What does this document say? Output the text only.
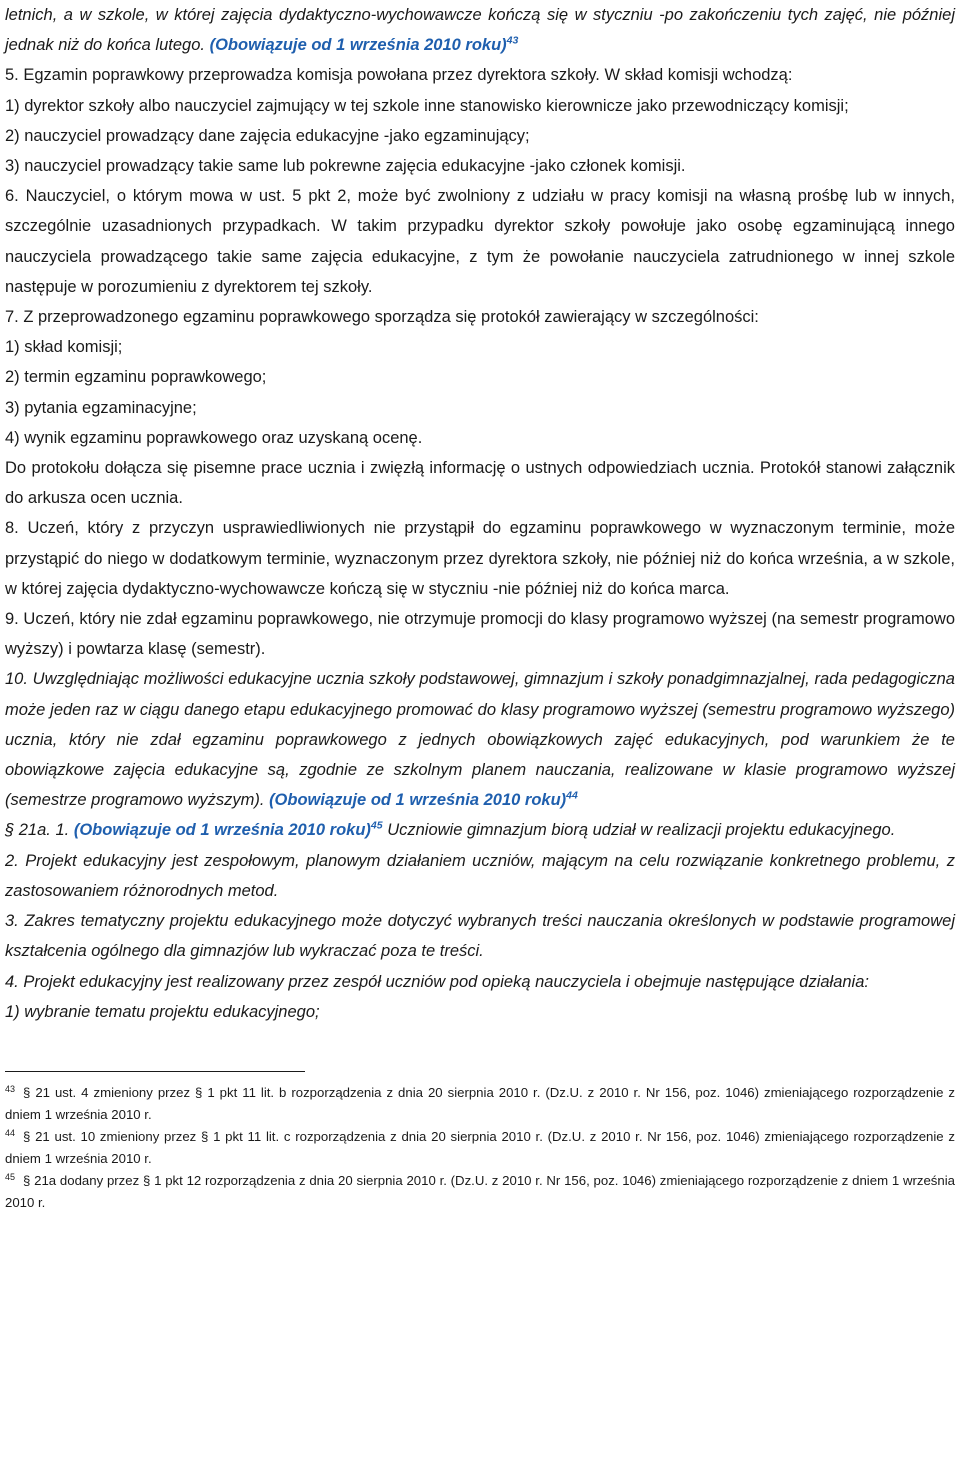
letnich, a w szkole, w której zajęcia dydaktyczno-wychowawcze kończą się w styczniu -po zakończeniu tych zajęć, nie później jednak niż do końca lutego. (Obowiązuje od 1 września 2010 roku)$^{43}$

5. Egzamin poprawkowy przeprowadza komisja powołana przez dyrektora szkoły. W skład komisji wchodzą:

1) dyrektor szkoły albo nauczyciel zajmujący w tej szkole inne stanowisko kierownicze jako przewodniczący komisji;

2) nauczyciel prowadzący dane zajęcia edukacyjne -jako egzaminujący;

3) nauczyciel prowadzący takie same lub pokrewne zajęcia edukacyjne -jako członek komisji.

6. Nauczyciel, o którym mowa w ust. 5 pkt 2, może być zwolniony z udziału w pracy komisji na własną prośbę lub w innych, szczególnie uzasadnionych przypadkach. W takim przypadku dyrektor szkoły powołuje jako osobę egzaminującą innego nauczyciela prowadzącego takie same zajęcia edukacyjne, z tym że powołanie nauczyciela zatrudnionego w innej szkole następuje w porozumieniu z dyrektorem tej szkoły.

7. Z przeprowadzonego egzaminu poprawkowego sporządza się protokół zawierający w szczególności:

1) skład komisji;

2) termin egzaminu poprawkowego;

3) pytania egzaminacyjne;

4) wynik egzaminu poprawkowego oraz uzyskaną ocenę.

Do protokołu dołącza się pisemne prace ucznia i zwięzłą informację o ustnych odpowiedziach ucznia. Protokół stanowi załącznik do arkusza ocen ucznia.

8. Uczeń, który z przyczyn usprawiedliwionych nie przystąpił do egzaminu poprawkowego w wyznaczonym terminie, może przystąpić do niego w dodatkowym terminie, wyznaczonym przez dyrektora szkoły, nie później niż do końca września, a w szkole, w której zajęcia dydaktyczno-wychowawcze kończą się w styczniu -nie później niż do końca marca.

9. Uczeń, który nie zdał egzaminu poprawkowego, nie otrzymuje promocji do klasy programowo wyższej (na semestr programowo wyższy) i powtarza klasę (semestr).

10. Uwzględniając możliwości edukacyjne ucznia szkoły podstawowej, gimnazjum i szkoły ponadgimnazjalnej, rada pedagogiczna może jeden raz w ciągu danego etapu edukacyjnego promować do klasy programowo wyższej (semestru programowo wyższego) ucznia, który nie zdał egzaminu poprawkowego z jednych obowiązkowych zajęć edukacyjnych, pod warunkiem że te obowiązkowe zajęcia edukacyjne są, zgodnie ze szkolnym planem nauczania, realizowane w klasie programowo wyższej (semestrze programowo wyższym). (Obowiązuje od 1 września 2010 roku)$^{44}$

§ 21a. 1. (Obowiązuje od 1 września 2010 roku)$^{45}$ Uczniowie gimnazjum biorą udział w realizacji projektu edukacyjnego.

2. Projekt edukacyjny jest zespołowym, planowym działaniem uczniów, mającym na celu rozwiązanie konkretnego problemu, z zastosowaniem różnorodnych metod.

3. Zakres tematyczny projektu edukacyjnego może dotyczyć wybranych treści nauczania określonych w podstawie programowej kształcenia ogólnego dla gimnazjów lub wykraczać poza te treści.

4. Projekt edukacyjny jest realizowany przez zespół uczniów pod opieką nauczyciela i obejmuje następujące działania:

1) wybranie tematu projektu edukacyjnego;

$^{43}$ § 21 ust. 4 zmieniony przez § 1 pkt 11 lit. b rozporządzenia z dnia 20 sierpnia 2010 r. (Dz.U. z 2010 r. Nr 156, poz. 1046) zmieniającego rozporządzenie z dniem 1 września 2010 r.

$^{44}$ § 21 ust. 10 zmieniony przez § 1 pkt 11 lit. c rozporządzenia z dnia 20 sierpnia 2010 r. (Dz.U. z 2010 r. Nr 156, poz. 1046) zmieniającego rozporządzenie z dniem 1 września 2010 r.

$^{45}$ § 21a dodany przez § 1 pkt 12 rozporządzenia z dnia 20 sierpnia 2010 r. (Dz.U. z 2010 r. Nr 156, poz. 1046) zmieniającego rozporządzenie z dniem 1 września 2010 r.
